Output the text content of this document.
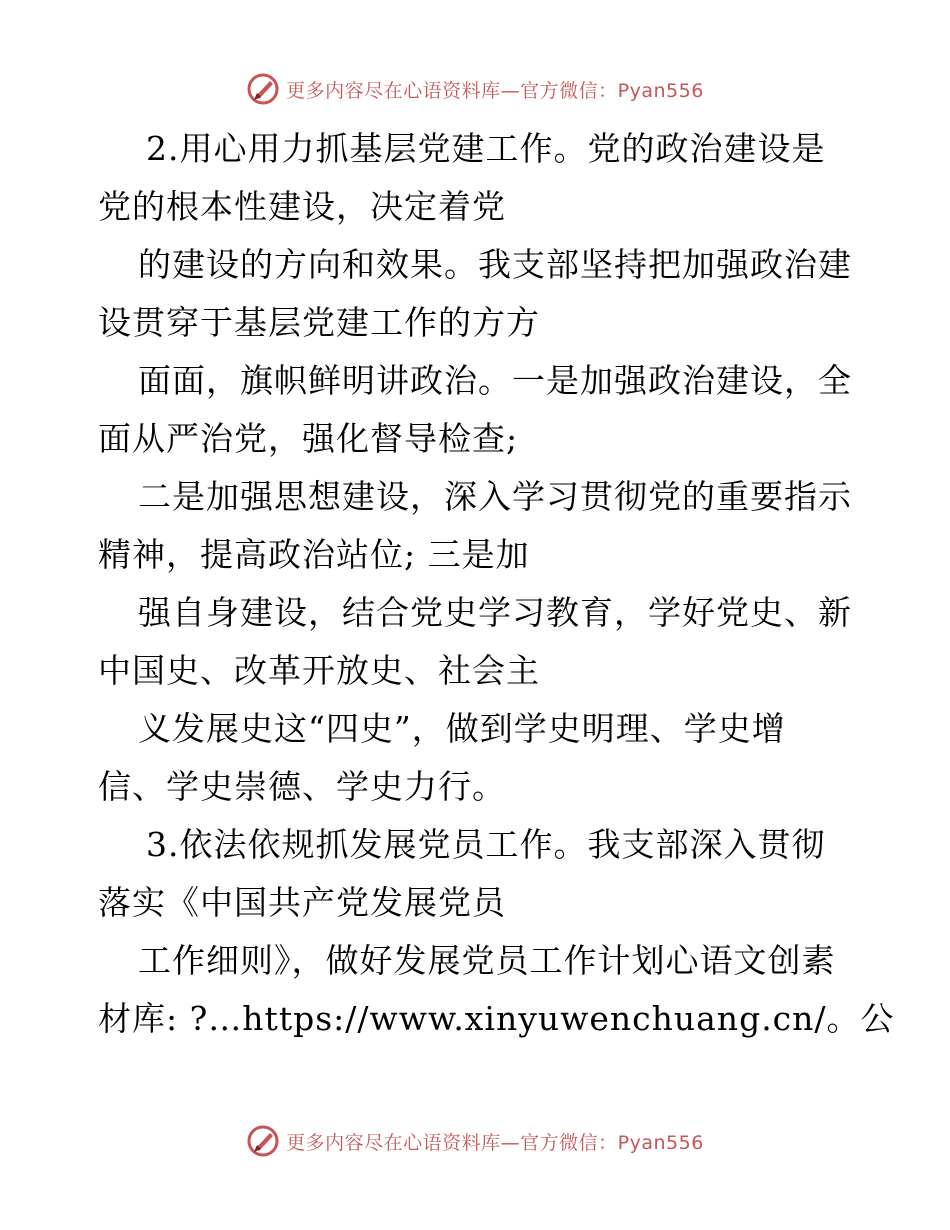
更多内容尽在心语资料库—官方微信：Pyan556
2.用心用力抓基层党建工作。党的政治建设是
党的根本性建设，决定着党
的建设的方向和效果。我支部坚持把加强政治建
设贯穿于基层党建工作的方方
面面，旗帜鲜明讲政治。一是加强政治建设，全
面从严治党，强化督导检查;
二是加强思想建设，深入学习贯彻党的重要指示
精神，提高政治站位; 三是加
强自身建设，结合党史学习教育，学好党史、新
中国史、改革开放史、社会主
义发展史这“四史”，做到学史明理、学史增
信、学史崇德、学史力行。
3.依法依规抓发展党员工作。我支部深入贯彻
落实《中国共产党发展党员
工作细则》，做好发展党员工作计划心语文创素
材库: ?…https://www.xinyuwenchuang.cn/。公
更多内容尽在心语资料库—官方微信：Pyan556
